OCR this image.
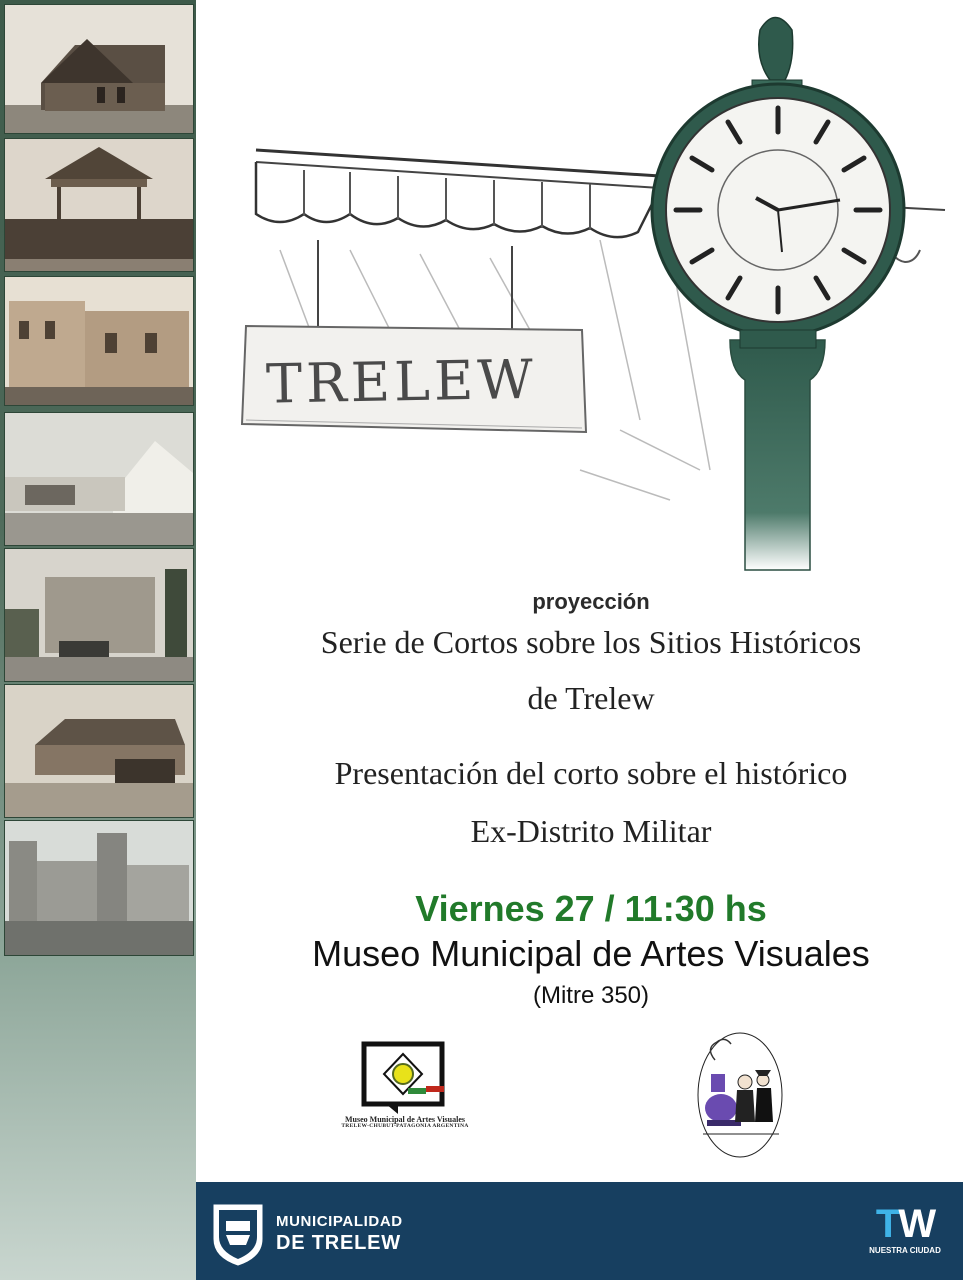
TRELEW
proyección
Serie de Cortos sobre los Sitios Históricos
de Trelew
Presentación del corto sobre el histórico
Ex-Distrito Militar
Viernes 27 / 11:30 hs
Museo Municipal de Artes Visuales
(Mitre 350)
Museo Municipal de Artes Visuales
TRELEW-CHUBUT-PATAGONIA ARGENTINA
MUNICIPALIDAD
DE TRELEW	TW
NUESTRA CIUDAD
